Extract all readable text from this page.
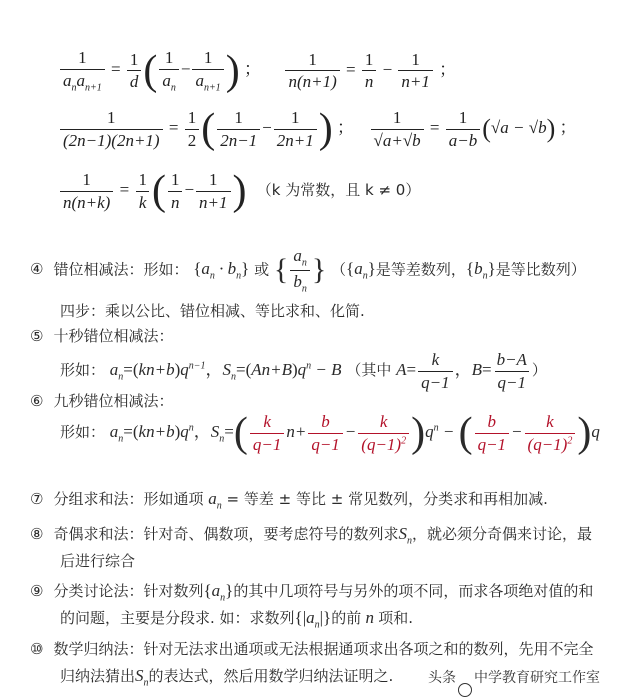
$\frac{1}{a_na_{n+1}} = \frac{1}{d}$ ( $\frac{1}{a_n} - \frac{1}{a_{n+1}}$ ) ； $\frac{1}{n(n+1)} = \frac{1}{n} - \frac{1}{n+1}$ ；
$\frac{1}{(2n-1)(2n+1)} = \frac{1}{2}$ ( $\frac{1}{2n-1} - \frac{1}{2n+1}$ ) ； $\frac{1}{√a+√b} = \frac{1}{a-b} (√a - √b)$ ；
$\frac{1}{n(n+k)} = \frac{1}{k}$ ( $\frac{1}{n} - \frac{1}{n+1}$ ) （k 为常数，且 k ≠ 0）
④ 错位相减法：形如： $\{a_n \cdot b_n\}$ 或 { $\frac{a_n}{b_n}$ } （$\{a_n\}$是等差数列，$\{b_n\}$是等比数列）
四步：乘以公比、错位相减、等比求和、化简.
⑤ 十秒错位相减法：
形如： $a_n=(kn+b)q^{n-1}$，$S_n=(An+B)q^n - B$ （其中 $A= \frac{k}{q-1}$ ，$B= \frac{b-A}{q-1}$ ）
⑥ 九秒错位相减法：
形如： $a_n=(kn+b)q^n$，$S_n=( \frac{k}{q-1} n+ \frac{b}{q-1} - \frac{k}{(q-1)^2} )q^n$ − ( $\frac{b}{q-1} - \frac{k}{(q-1)^2} )q$
⑦ 分组求和法：形如通项 $a_n$ = 等差 ± 等比 ± 常见数列，分类求和再相加减.
⑧ 奇偶求和法：针对奇、偶数项，要考虑符号的数列求$S_n$，就必须分奇偶来讨论，最
后进行综合
⑨ 分类讨论法：针对数列$\{a_n\}$的其中几项符号与另外的项不同，而求各项绝对值的和
的问题，主要是分段求. 如：求数列$\{|a_n|\}$的前 n 项和.
⑩ 数学归纳法：针对无法求出通项或无法根据通项求出各项之和的数列，先用不完全
归纳法猜出$S_n$的表达式，然后用数学归纳法证明之. 头条 中学教育研究工作室
